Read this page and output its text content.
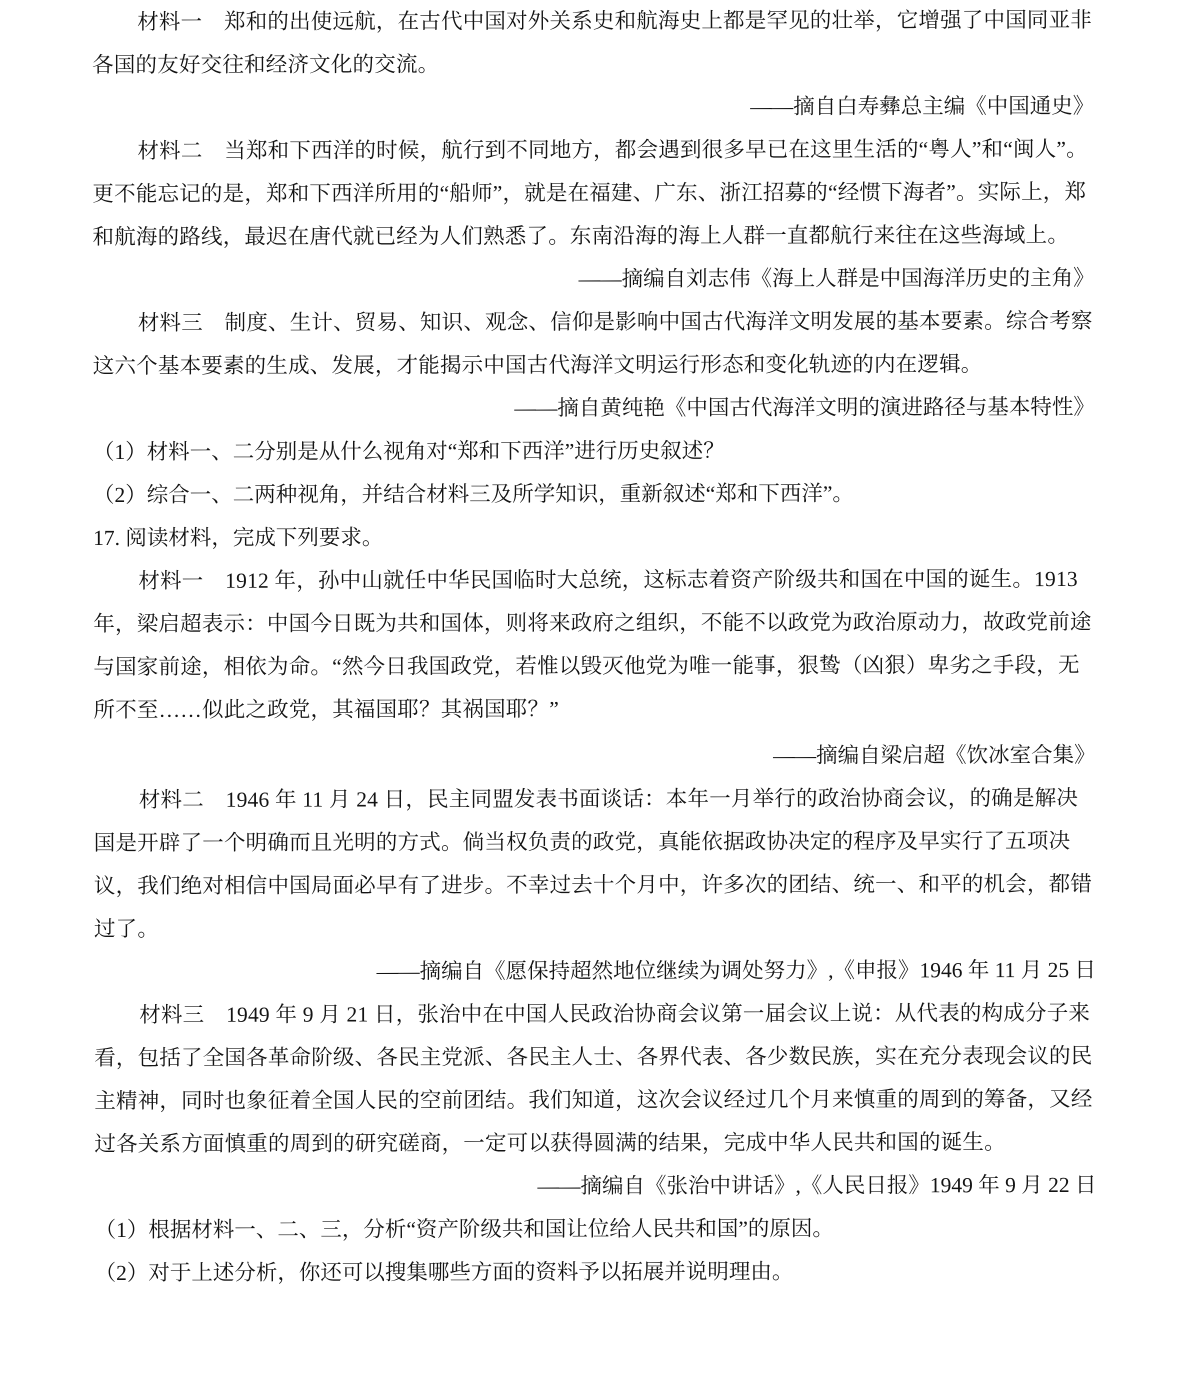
材料一　郑和的出使远航，在古代中国对外关系史和航海史上都是罕见的壮举，它增强了中国同亚非各国的友好交往和经济文化的交流。
——摘自白寿彝总主编《中国通史》
材料二　当郑和下西洋的时候，航行到不同地方，都会遇到很多早已在这里生活的“粤人”和“闽人”。更不能忘记的是，郑和下西洋所用的“船师”，就是在福建、广东、浙江招募的“经惯下海者”。实际上，郑和航海的路线，最迟在唐代就已经为人们熟悉了。东南沿海的海上人群一直都航行来往在这些海域上。
——摘编自刘志伟《海上人群是中国海洋历史的主角》
材料三　制度、生计、贸易、知识、观念、信仰是影响中国古代海洋文明发展的基本要素。综合考察这六个基本要素的生成、发展，才能揭示中国古代海洋文明运行形态和变化轨迹的内在逻辑。
——摘自黄纯艳《中国古代海洋文明的演进路径与基本特性》
（1）材料一、二分别是从什么视角对“郑和下西洋”进行历史叙述？
（2）综合一、二两种视角，并结合材料三及所学知识，重新叙述“郑和下西洋”。
17. 阅读材料，完成下列要求。
材料一　1912 年，孙中山就任中华民国临时大总统，这标志着资产阶级共和国在中国的诞生。1913 年，梁启超表示：中国今日既为共和国体，则将来政府之组织，不能不以政党为政治原动力，故政党前途与国家前途，相依为命。“然今日我国政党，若惟以毁灭他党为唯一能事，狠鸷（凶狠）卑劣之手段，无所不至……似此之政党，其福国耶？其祸国耶？”
——摘编自梁启超《饮冰室合集》
材料二　1946 年 11 月 24 日，民主同盟发表书面谈话：本年一月举行的政治协商会议，的确是解决国是开辟了一个明确而且光明的方式。倘当权负责的政党，真能依据政协决定的程序及早实行了五项决议，我们绝对相信中国局面必早有了进步。不幸过去十个月中，许多次的团结、统一、和平的机会，都错过了。
——摘编自《愿保持超然地位继续为调处努力》,《申报》1946 年 11 月 25 日
材料三　1949 年 9 月 21 日，张治中在中国人民政治协商会议第一届会议上说：从代表的构成分子来看，包括了全国各革命阶级、各民主党派、各民主人士、各界代表、各少数民族，实在充分表现会议的民主精神，同时也象征着全国人民的空前团结。我们知道，这次会议经过几个月来慎重的周到的筹备，又经过各关系方面慎重的周到的研究磋商，一定可以获得圆满的结果，完成中华人民共和国的诞生。
——摘编自《张治中讲话》,《人民日报》1949 年 9 月 22 日
（1）根据材料一、二、三，分析“资产阶级共和国让位给人民共和国”的原因。
（2）对于上述分析，你还可以搜集哪些方面的资料予以拓展并说明理由。
